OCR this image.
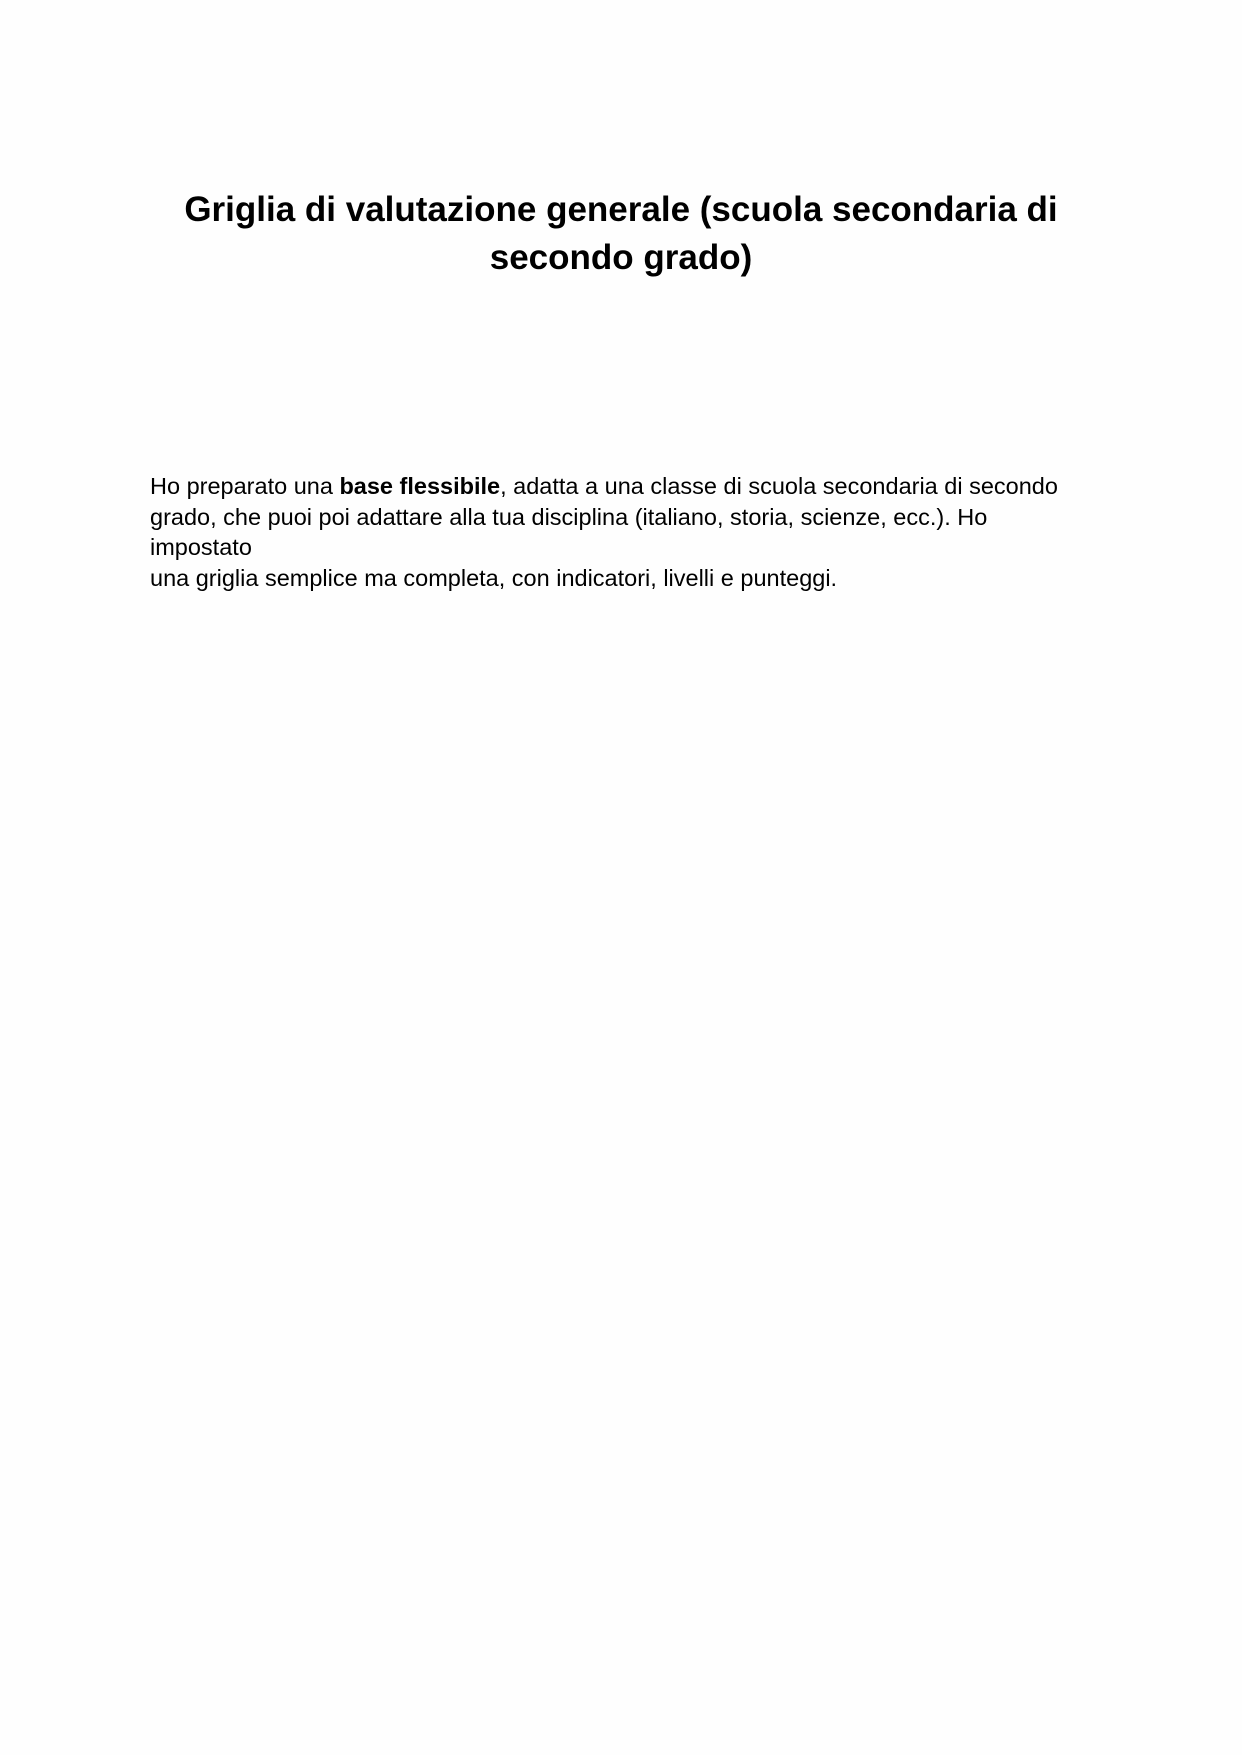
Griglia di valutazione generale (scuola secondaria di
secondo grado)

Ho preparato una base flessibile, adatta a una classe di scuola secondaria di secondo
grado, che puoi poi adattare alla tua disciplina (italiano, storia, scienze, ecc.). Ho impostato
una griglia semplice ma completa, con indicatori, livelli e punteggi.
